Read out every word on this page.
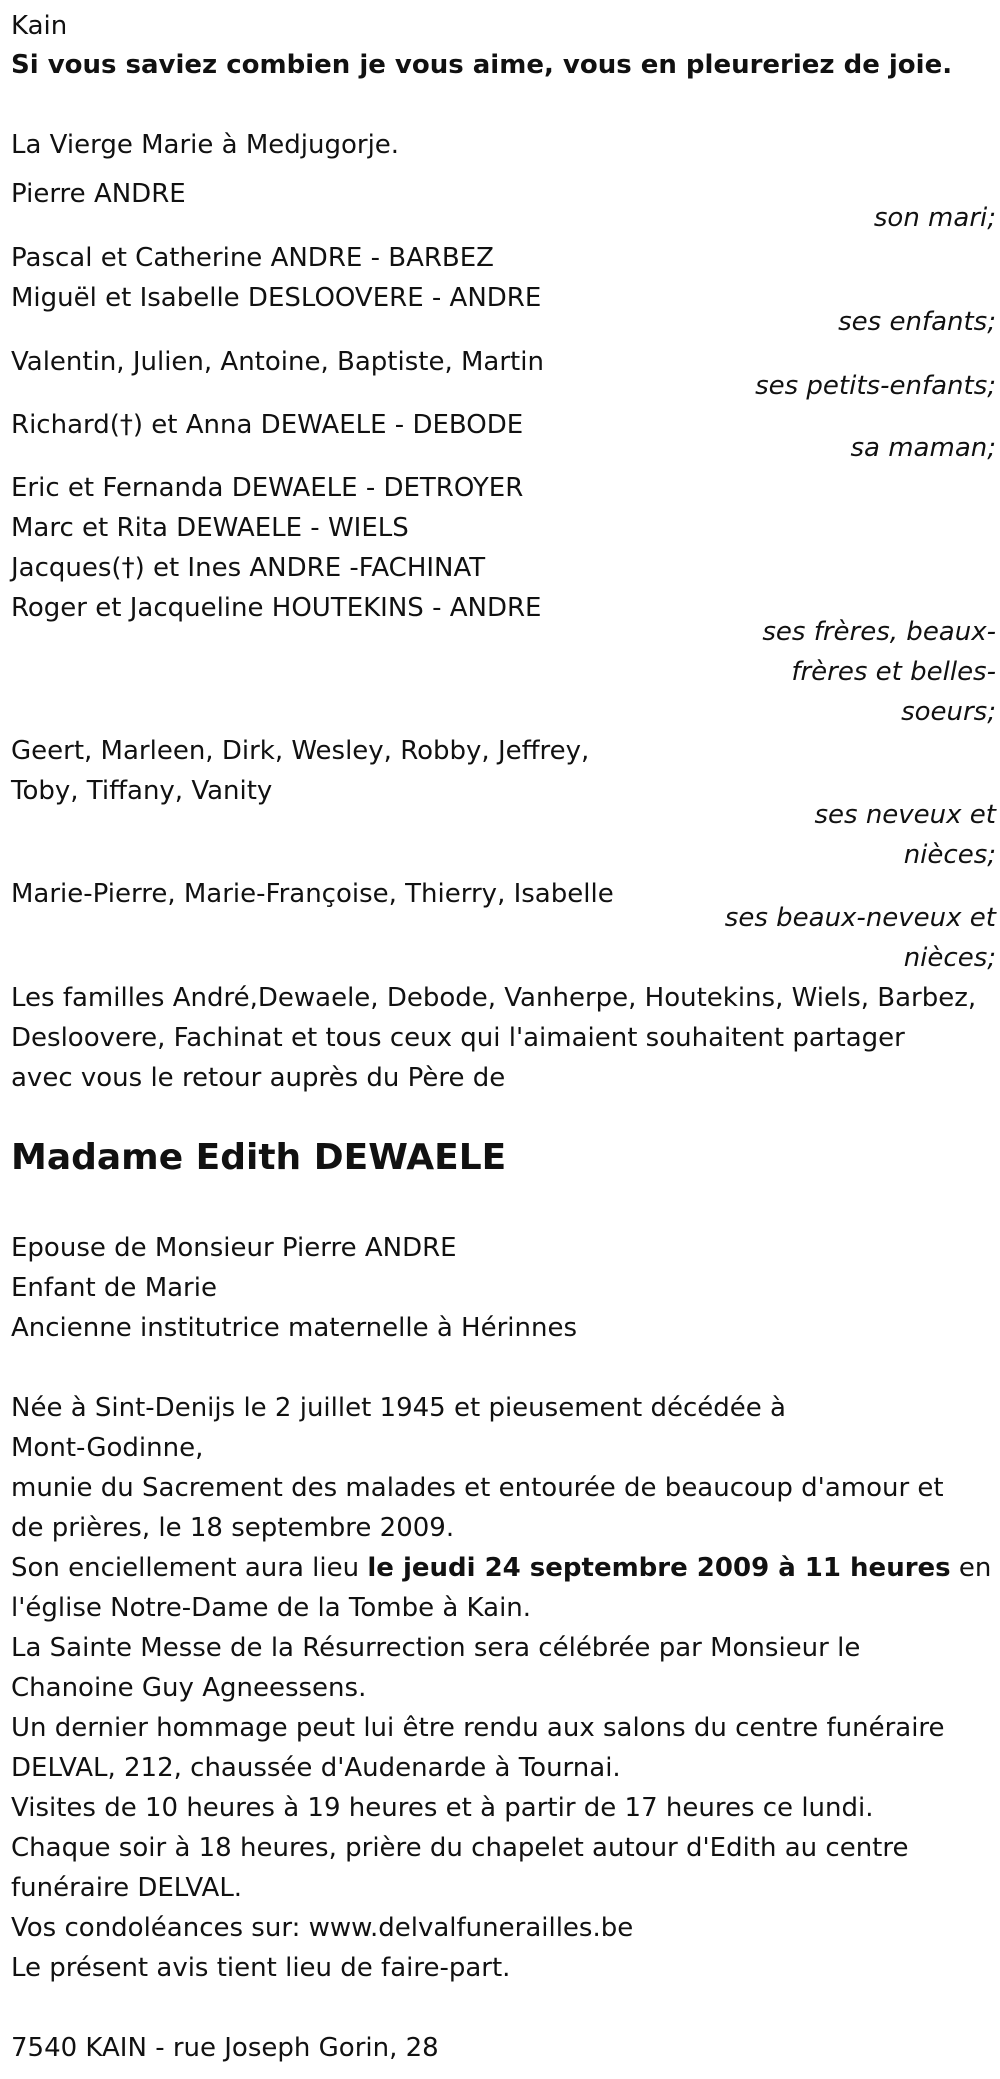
Kain

Si vous saviez combien je vous aime, vous en pleureriez de joie.

La Vierge Marie à Medjugorje.

Pierre ANDRE

son mari;

Pascal et Catherine ANDRE - BARBEZ

Miguël et Isabelle DESLOOVERE - ANDRE

ses enfants;

Valentin, Julien, Antoine, Baptiste, Martin

ses petits-enfants;

Richard(†) et Anna DEWAELE - DEBODE

sa maman;

Eric et Fernanda DEWAELE - DETROYER

Marc et Rita DEWAELE - WIELS

Jacques(†) et Ines ANDRE -FACHINAT

Roger et Jacqueline HOUTEKINS - ANDRE

ses frères, beaux-

frères et belles-

soeurs;

Geert, Marleen, Dirk, Wesley, Robby, Jeffrey,

Toby, Tiffany, Vanity

ses neveux et

nièces;

Marie-Pierre, Marie-Françoise, Thierry, Isabelle

ses beaux-neveux et

nièces;

Les familles André,Dewaele, Debode, Vanherpe, Houtekins, Wiels, Barbez,

Desloovere, Fachinat et tous ceux qui l'aimaient souhaitent partager

avec vous le retour auprès du Père de

Madame Edith DEWAELE

Epouse de Monsieur Pierre ANDRE

Enfant de Marie

Ancienne institutrice maternelle à Hérinnes

Née à Sint-Denijs le 2 juillet 1945 et pieusement décédée à

Mont-Godinne,

munie du Sacrement des malades et entourée de beaucoup d'amour et

de prières, le 18 septembre 2009.

Son enciellement aura lieu le jeudi 24 septembre 2009 à 11 heures en

l'église Notre-Dame de la Tombe à Kain.

La Sainte Messe de la Résurrection sera célébrée par Monsieur le

Chanoine Guy Agneessens.

Un dernier hommage peut lui être rendu aux salons du centre funéraire

DELVAL, 212, chaussée d'Audenarde à Tournai.

Visites de 10 heures à 19 heures et à partir de 17 heures ce lundi.

Chaque soir à 18 heures, prière du chapelet autour d'Edith au centre

funéraire DELVAL.

Vos condoléances sur: www.delvalfunerailles.be

Le présent avis tient lieu de faire-part.

7540 KAIN - rue Joseph Gorin, 28
